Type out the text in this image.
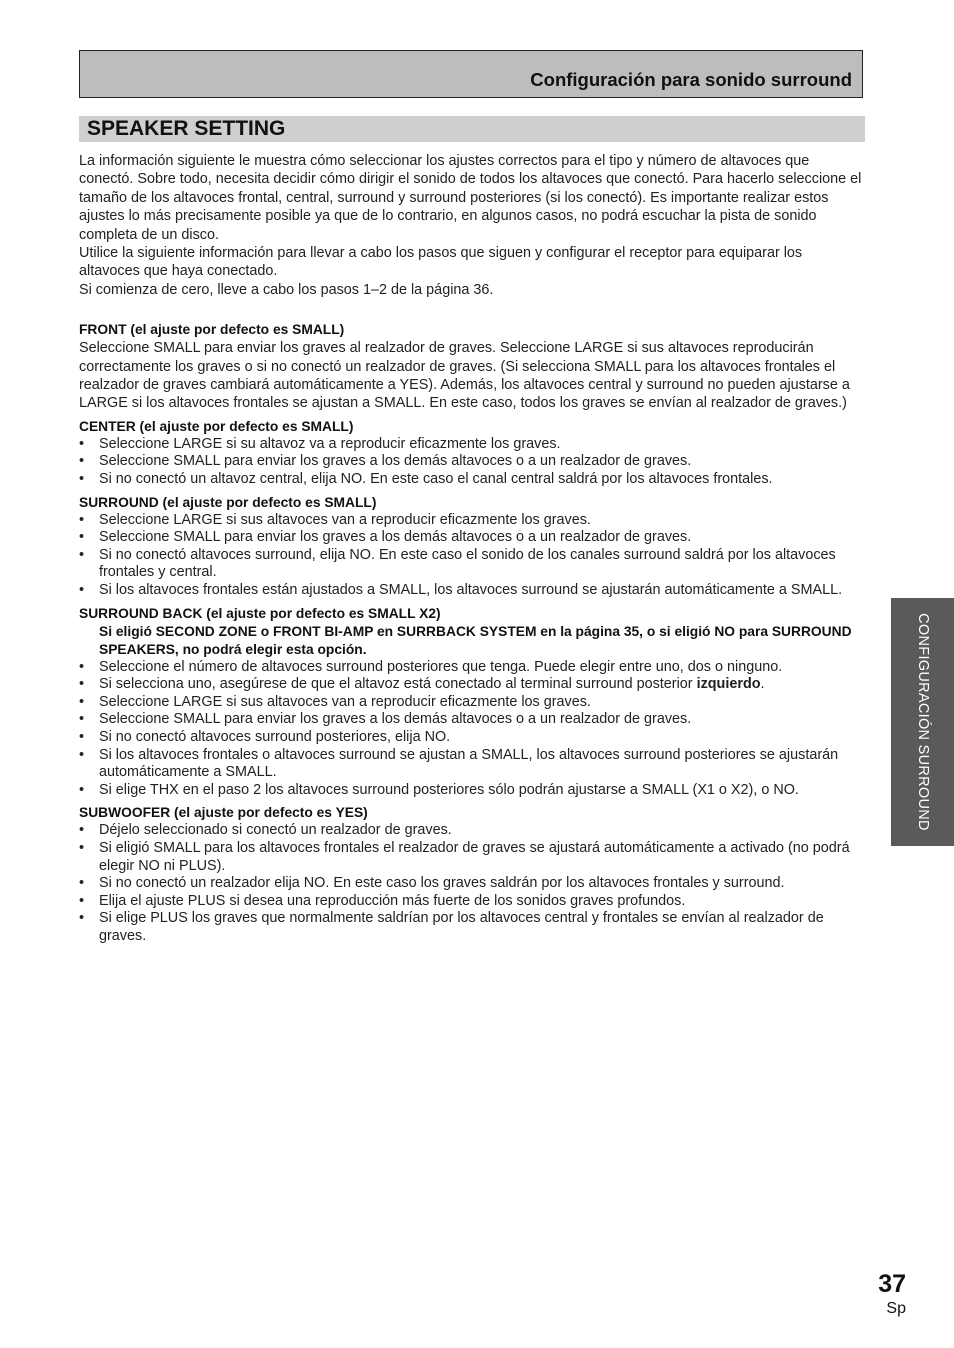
Configuración para sonido surround
SPEAKER SETTING

La información siguiente le muestra cómo seleccionar los ajustes correctos para el tipo y número de altavoces que conectó. Sobre todo, necesita decidir cómo dirigir el sonido de todos los altavoces que conectó. Para hacerlo seleccione el tamaño de los altavoces frontal, central, surround y surround posteriores (si los conectó). Es importante realizar estos ajustes lo más precisamente posible ya que de lo contrario, en algunos casos, no podrá escuchar la pista de sonido completa de un disco.

Utilice la siguiente información para llevar a cabo los pasos que siguen y configurar el receptor para equiparar los altavoces que haya conectado.

Si comienza de cero, lleve a cabo los pasos 1–2 de la página 36.

FRONT (el ajuste por defecto es SMALL)

Seleccione SMALL para enviar los graves al realzador de graves. Seleccione LARGE si sus altavoces reproducirán correctamente los graves o si no conectó un realzador de graves. (Si selecciona SMALL para los altavoces frontales el realzador de graves cambiará automáticamente a YES). Además, los altavoces central y surround no pueden ajustarse a LARGE si los altavoces frontales se ajustan a SMALL. En este caso, todos los graves se envían al realzador de graves.)

CENTER (el ajuste por defecto es SMALL)

• Seleccione LARGE si su altavoz va a reproducir eficazmente los graves.
• Seleccione SMALL para enviar los graves a los demás altavoces o a un realzador de graves.
• Si no conectó un altavoz central, elija NO. En este caso el canal central saldrá por los altavoces frontales.

SURROUND (el ajuste por defecto es SMALL)

• Seleccione LARGE si sus altavoces van a reproducir eficazmente los graves.
• Seleccione SMALL para enviar los graves a los demás altavoces o a un realzador de graves.
• Si no conectó altavoces surround, elija NO. En este caso el sonido de los canales surround saldrá por los altavoces frontales y central.
• Si los altavoces frontales están ajustados a SMALL, los altavoces surround se ajustarán automáticamente a SMALL.

SURROUND BACK (el ajuste por defecto es SMALL X2)

Si eligió SECOND ZONE o FRONT BI-AMP en SURRBACK SYSTEM en la página 35, o si eligió NO para SURROUND SPEAKERS, no podrá elegir esta opción.

• Seleccione el número de altavoces surround posteriores que tenga. Puede elegir entre uno, dos o ninguno.
• Si selecciona uno, asegúrese de que el altavoz está conectado al terminal surround posterior izquierdo.
• Seleccione LARGE si sus altavoces van a reproducir eficazmente los graves.
• Seleccione SMALL para enviar los graves a los demás altavoces o a un realzador de graves.
• Si no conectó altavoces surround posteriores, elija NO.
• Si los altavoces frontales o altavoces surround se ajustan a SMALL, los altavoces surround posteriores se ajustarán automáticamente a SMALL.
• Si elige THX en el paso 2 los altavoces surround posteriores sólo podrán ajustarse a SMALL (X1 o X2), o NO.

SUBWOOFER (el ajuste por defecto es YES)

• Déjelo seleccionado si conectó un realzador de graves.
• Si eligió SMALL para los altavoces frontales el realzador de graves se ajustará automáticamente a activado (no podrá elegir NO ni PLUS).
• Si no conectó un realzador elija NO. En este caso los graves saldrán por los altavoces frontales y surround.
• Elija el ajuste PLUS si desea una reproducción más fuerte de los sonidos graves profundos.
• Si elige PLUS los graves que normalmente saldrían por los altavoces central y frontales se envían al realzador de graves.
CONFIGURACIÓN SURROUND
37
Sp
